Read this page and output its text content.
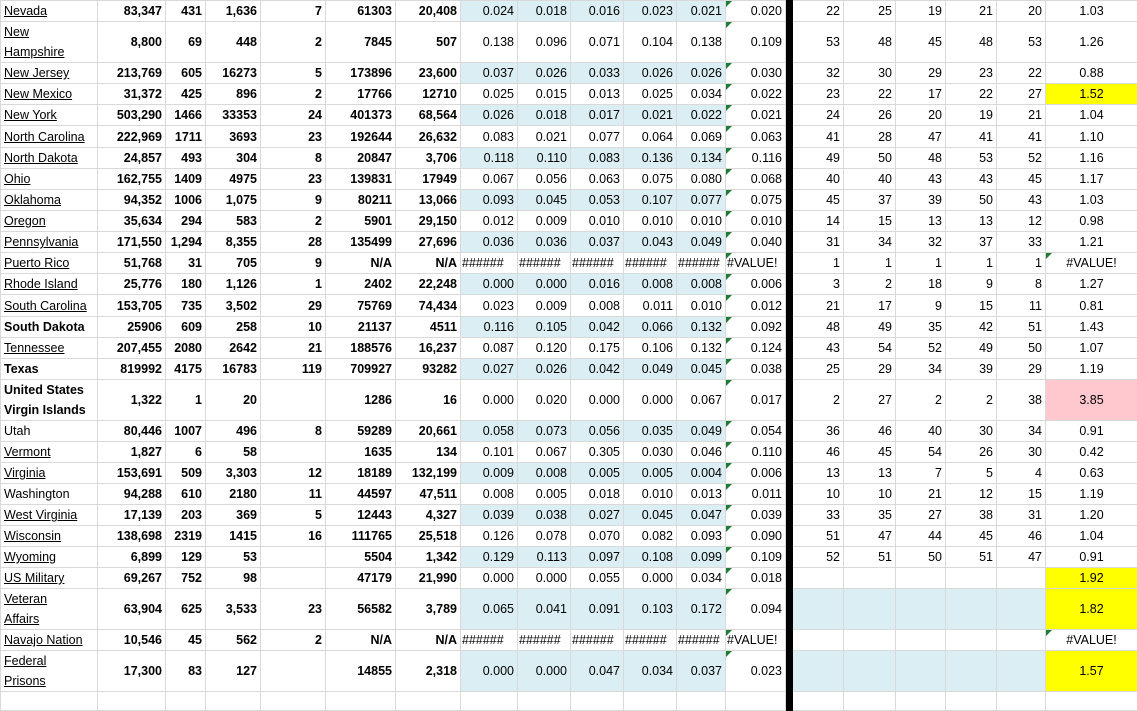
Nevada	83,347	431	1,636	7	61303	20,408	0.024	0.018	0.016	0.023	0.021	0.020		22	25	19	21	20	1.03
New Hampshire	8,800	69	448	2	7845	507	0.138	0.096	0.071	0.104	0.138	0.109		53	48	45	48	53	1.26
New Jersey	213,769	605	16273	5	173896	23,600	0.037	0.026	0.033	0.026	0.026	0.030		32	30	29	23	22	0.88
New Mexico	31,372	425	896	2	17766	12710	0.025	0.015	0.013	0.025	0.034	0.022		23	22	17	22	27	1.52
New York	503,290	1466	33353	24	401373	68,564	0.026	0.018	0.017	0.021	0.022	0.021		24	26	20	19	21	1.04
North Carolina	222,969	1711	3693	23	192644	26,632	0.083	0.021	0.077	0.064	0.069	0.063		41	28	47	41	41	1.10
North Dakota	24,857	493	304	8	20847	3,706	0.118	0.110	0.083	0.136	0.134	0.116		49	50	48	53	52	1.16
Ohio	162,755	1409	4975	23	139831	17949	0.067	0.056	0.063	0.075	0.080	0.068		40	40	43	43	45	1.17
Oklahoma	94,352	1006	1,075	9	80211	13,066	0.093	0.045	0.053	0.107	0.077	0.075		45	37	39	50	43	1.03
Oregon	35,634	294	583	2	5901	29,150	0.012	0.009	0.010	0.010	0.010	0.010		14	15	13	13	12	0.98
Pennsylvania	171,550	1,294	8,355	28	135499	27,696	0.036	0.036	0.037	0.043	0.049	0.040		31	34	32	37	33	1.21
Puerto Rico	51,768	31	705	9	N/A	N/A	######	######	######	######	######	#VALUE!		1	1	1	1	1	#VALUE!
Rhode Island	25,776	180	1,126	1	2402	22,248	0.000	0.000	0.016	0.008	0.008	0.006		3	2	18	9	8	1.27
South Carolina	153,705	735	3,502	29	75769	74,434	0.023	0.009	0.008	0.011	0.010	0.012		21	17	9	15	11	0.81
South Dakota	25906	609	258	10	21137	4511	0.116	0.105	0.042	0.066	0.132	0.092		48	49	35	42	51	1.43
Tennessee	207,455	2080	2642	21	188576	16,237	0.087	0.120	0.175	0.106	0.132	0.124		43	54	52	49	50	1.07
Texas	819992	4175	16783	119	709927	93282	0.027	0.026	0.042	0.049	0.045	0.038		25	29	34	39	29	1.19
United States Virgin Islands	1,322	1	20		1286	16	0.000	0.020	0.000	0.000	0.067	0.017		2	27	2	2	38	3.85
Utah	80,446	1007	496	8	59289	20,661	0.058	0.073	0.056	0.035	0.049	0.054		36	46	40	30	34	0.91
Vermont	1,827	6	58		1635	134	0.101	0.067	0.305	0.030	0.046	0.110		46	45	54	26	30	0.42
Virginia	153,691	509	3,303	12	18189	132,199	0.009	0.008	0.005	0.005	0.004	0.006		13	13	7	5	4	0.63
Washington	94,288	610	2180	11	44597	47,511	0.008	0.005	0.018	0.010	0.013	0.011		10	10	21	12	15	1.19
West Virginia	17,139	203	369	5	12443	4,327	0.039	0.038	0.027	0.045	0.047	0.039		33	35	27	38	31	1.20
Wisconsin	138,698	2319	1415	16	111765	25,518	0.126	0.078	0.070	0.082	0.093	0.090		51	47	44	45	46	1.04
Wyoming	6,899	129	53		5504	1,342	0.129	0.113	0.097	0.108	0.099	0.109		52	51	50	51	47	0.91
US Military	69,267	752	98		47179	21,990	0.000	0.000	0.055	0.000	0.034	0.018							1.92
Veteran Affairs	63,904	625	3,533	23	56582	3,789	0.065	0.041	0.091	0.103	0.172	0.094							1.82
Navajo Nation	10,546	45	562	2	N/A	N/A	######	######	######	######	######	#VALUE!							#VALUE!
Federal Prisons	17,300	83	127		14855	2,318	0.000	0.000	0.047	0.034	0.037	0.023							1.57
